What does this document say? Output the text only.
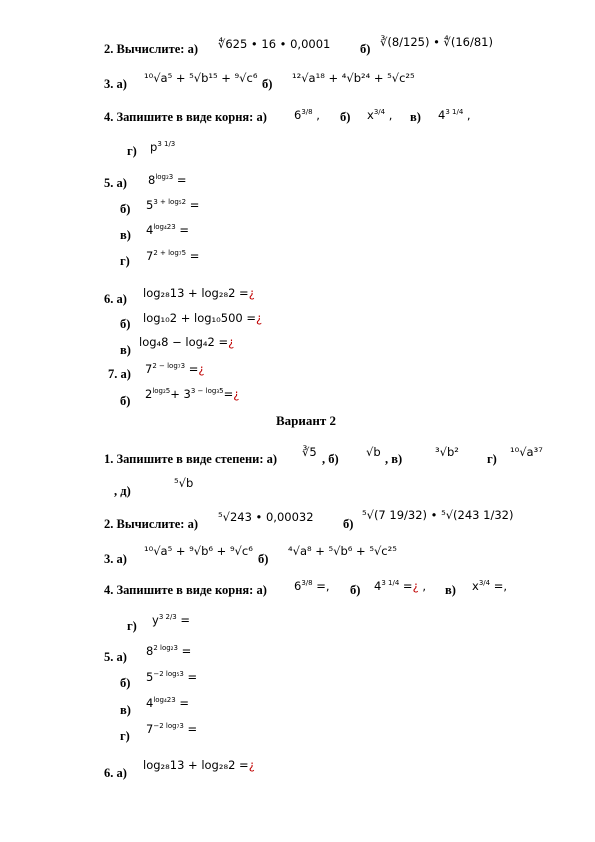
2. Вычислите: а) ∜625 • 16 • 0,0001 б) ∛(8/125) • ∜(16/81)
3. а) ¹⁰√a⁵ + ⁵√b¹⁵ + ⁹√c⁶ б) ¹²√a¹⁸ + ⁴√b²⁴ + ⁵√c²⁵
4. Запишите в виде корня: а) $6^{3/8}$ , б) $x^{3/4}$ , в) $4^{3 1/4}$ ,
г) $p^{3 1/3}$
5. а) $8^{log_23}$ =
б) $5^{3 + log_52}$ =
в) $4^{log_423}$ =
г) $7^{2 + log_75}$ =
6. а) log₂₈13 + log₂₈2 =¿
б) log₁₀2 + log₁₀500 =¿
в)
log₄8 − log₄2 =¿
7. а) $7^{2 - log_73}$ =¿
б)
$2^{log_25}+$ $3^{3 - log_35}=¿$
Вариант 2
1. Запишите в виде степени: а) ∛5 , б) √b , в)	³√b² г) ¹⁰√a³⁷
, д)
⁵√b
2. Вычислите: а) ⁵√243 • 0,00032 б)
⁵√(7 19/32) • ⁵√(243 1/32)
3. а)
¹⁰√a⁵ + ⁹√b⁶ + ⁹√c⁶
б)
⁴√a⁸ + ⁵√b⁶ + ⁵√c²⁵
4. Запишите в виде корня: а) $6^{3/8}$ =, б) $4^{3 1/4}$ =¿ , в) $x^{3/4}$ =,
г) $y^{3 2/3}$ =
5. а) $8^{2 log_23}$ =
б) $5^{-2 log_53}$ =
в)
$4^{log_423}$ =
г)
$7^{-2 log_73}$ =
6. а)
log₂₈13 + log₂₈2 =¿
